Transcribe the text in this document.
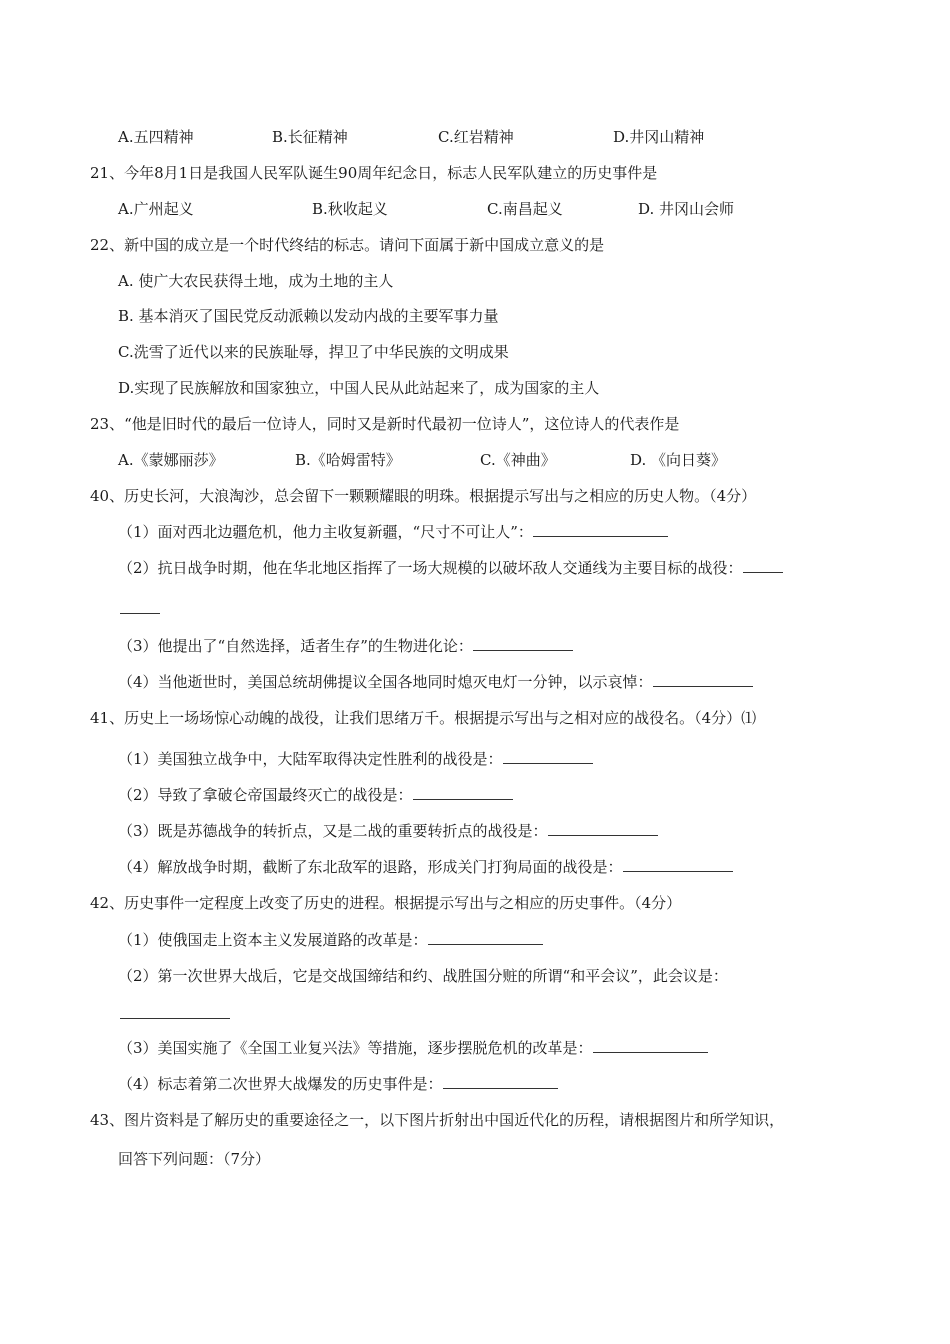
A.五四精神	B.长征精神	C.红岩精神	D.井冈山精神
21、今年8月1日是我国人民军队诞生90周年纪念日，标志人民军队建立的历史事件是
A.广州起义	B.秋收起义	C.南昌起义	D. 井冈山会师
22、新中国的成立是一个时代终结的标志。请问下面属于新中国成立意义的是
A. 使广大农民获得土地，成为土地的主人
B. 基本消灭了国民党反动派赖以发动内战的主要军事力量
C.洗雪了近代以来的民族耻辱，捍卫了中华民族的文明成果
D.实现了民族解放和国家独立，中国人民从此站起来了，成为国家的主人
23、“他是旧时代的最后一位诗人，同时又是新时代最初一位诗人”，这位诗人的代表作是
A.《蒙娜丽莎》	B.《哈姆雷特》	C.《神曲》	D. 《向日葵》
40、历史长河，大浪淘沙，总会留下一颗颗耀眼的明珠。根据提示写出与之相应的历史人物。（4分）
（1）面对西北边疆危机，他力主收复新疆，“尺寸不可让人”：
（2）抗日战争时期，他在华北地区指挥了一场大规模的以破坏敌人交通线为主要目标的战役：
（3）他提出了“自然选择，适者生存”的生物进化论：
（4）当他逝世时，美国总统胡佛提议全国各地同时熄灭电灯一分钟，以示哀悼：
41、历史上一场场惊心动魄的战役，让我们思绪万千。根据提示写出与之相对应的战役名。（4分）⑴
（1）美国独立战争中，大陆军取得决定性胜利的战役是：
（2）导致了拿破仑帝国最终灭亡的战役是：
（3）既是苏德战争的转折点，又是二战的重要转折点的战役是：
（4）解放战争时期，截断了东北敌军的退路，形成关门打狗局面的战役是：
42、历史事件一定程度上改变了历史的进程。根据提示写出与之相应的历史事件。（4分）
（1）使俄国走上资本主义发展道路的改革是：
（2）第一次世界大战后，它是交战国缔结和约、战胜国分赃的所谓“和平会议”，此会议是：
（3）美国实施了《全国工业复兴法》等措施，逐步摆脱危机的改革是：
（4）标志着第二次世界大战爆发的历史事件是：
43、图片资料是了解历史的重要途径之一，以下图片折射出中国近代化的历程，请根据图片和所学知识，
回答下列问题：（7分）
